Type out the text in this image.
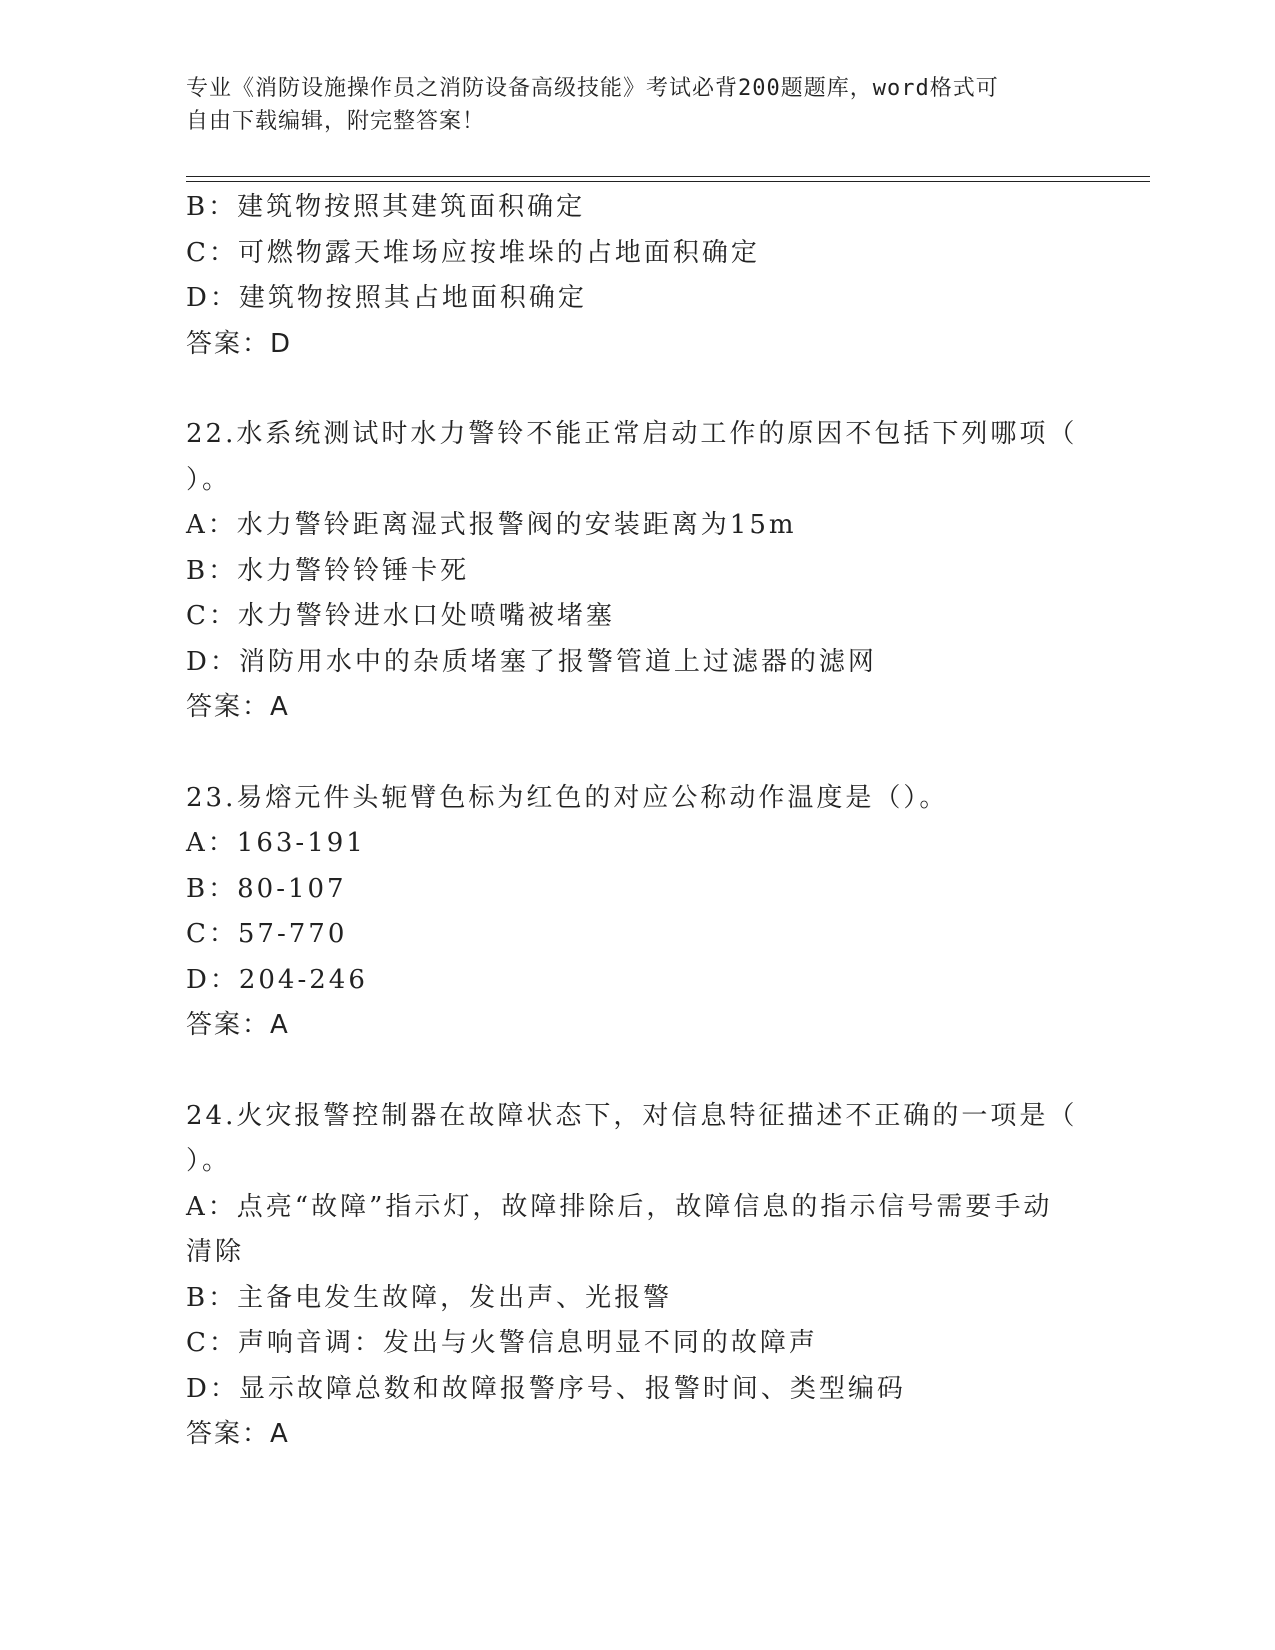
专业《消防设施操作员之消防设备高级技能》考试必背200题题库，word格式可
自由下载编辑，附完整答案！
B：建筑物按照其建筑面积确定
C：可燃物露天堆场应按堆垛的占地面积确定
D：建筑物按照其占地面积确定
答案：D
22.水系统测试时水力警铃不能正常启动工作的原因不包括下列哪项（
）。
A：水力警铃距离湿式报警阀的安装距离为15m
B：水力警铃铃锤卡死
C：水力警铃进水口处喷嘴被堵塞
D：消防用水中的杂质堵塞了报警管道上过滤器的滤网
答案：A
23.易熔元件头轭臂色标为红色的对应公称动作温度是（）。
A：163-191
B：80-107
C：57-770
D：204-246
答案：A
24.火灾报警控制器在故障状态下，对信息特征描述不正确的一项是（
）。
A：点亮“故障”指示灯，故障排除后，故障信息的指示信号需要手动
清除
B：主备电发生故障，发出声、光报警
C：声响音调：发出与火警信息明显不同的故障声
D：显示故障总数和故障报警序号、报警时间、类型编码
答案：A
